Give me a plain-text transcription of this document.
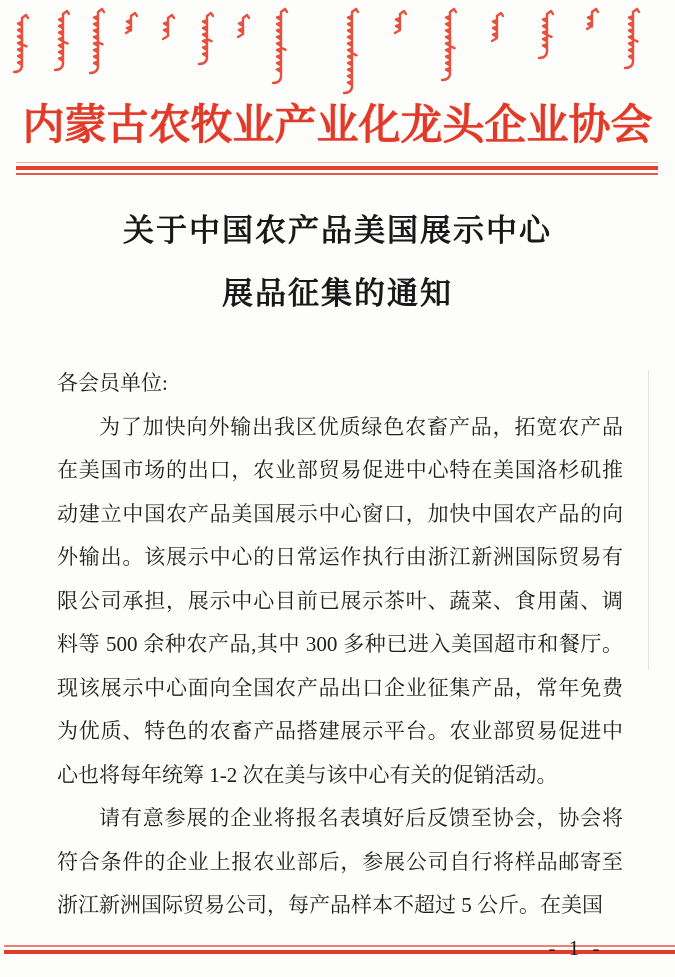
内蒙古农牧业产业化龙头企业协会
关于中国农产品美国展示中心
展品征集的通知

各会员单位:

为了加快向外输出我区优质绿色农畜产品，拓宽农产品在美国市场的出口，农业部贸易促进中心特在美国洛杉矶推动建立中国农产品美国展示中心窗口，加快中国农产品的向外输出。该展示中心的日常运作执行由浙江新洲国际贸易有限公司承担，展示中心目前已展示茶叶、蔬菜、食用菌、调料等 500 余种农产品,其中 300 多种已进入美国超市和餐厅。现该展示中心面向全国农产品出口企业征集产品，常年免费为优质、特色的农畜产品搭建展示平台。农业部贸易促进中心也将每年统筹 1-2 次在美与该中心有关的促销活动。

请有意参展的企业将报名表填好后反馈至协会，协会将符合条件的企业上报农业部后，参展公司自行将样品邮寄至浙江新洲国际贸易公司，每产品样本不超过 5 公斤。在美国

- 1 -
